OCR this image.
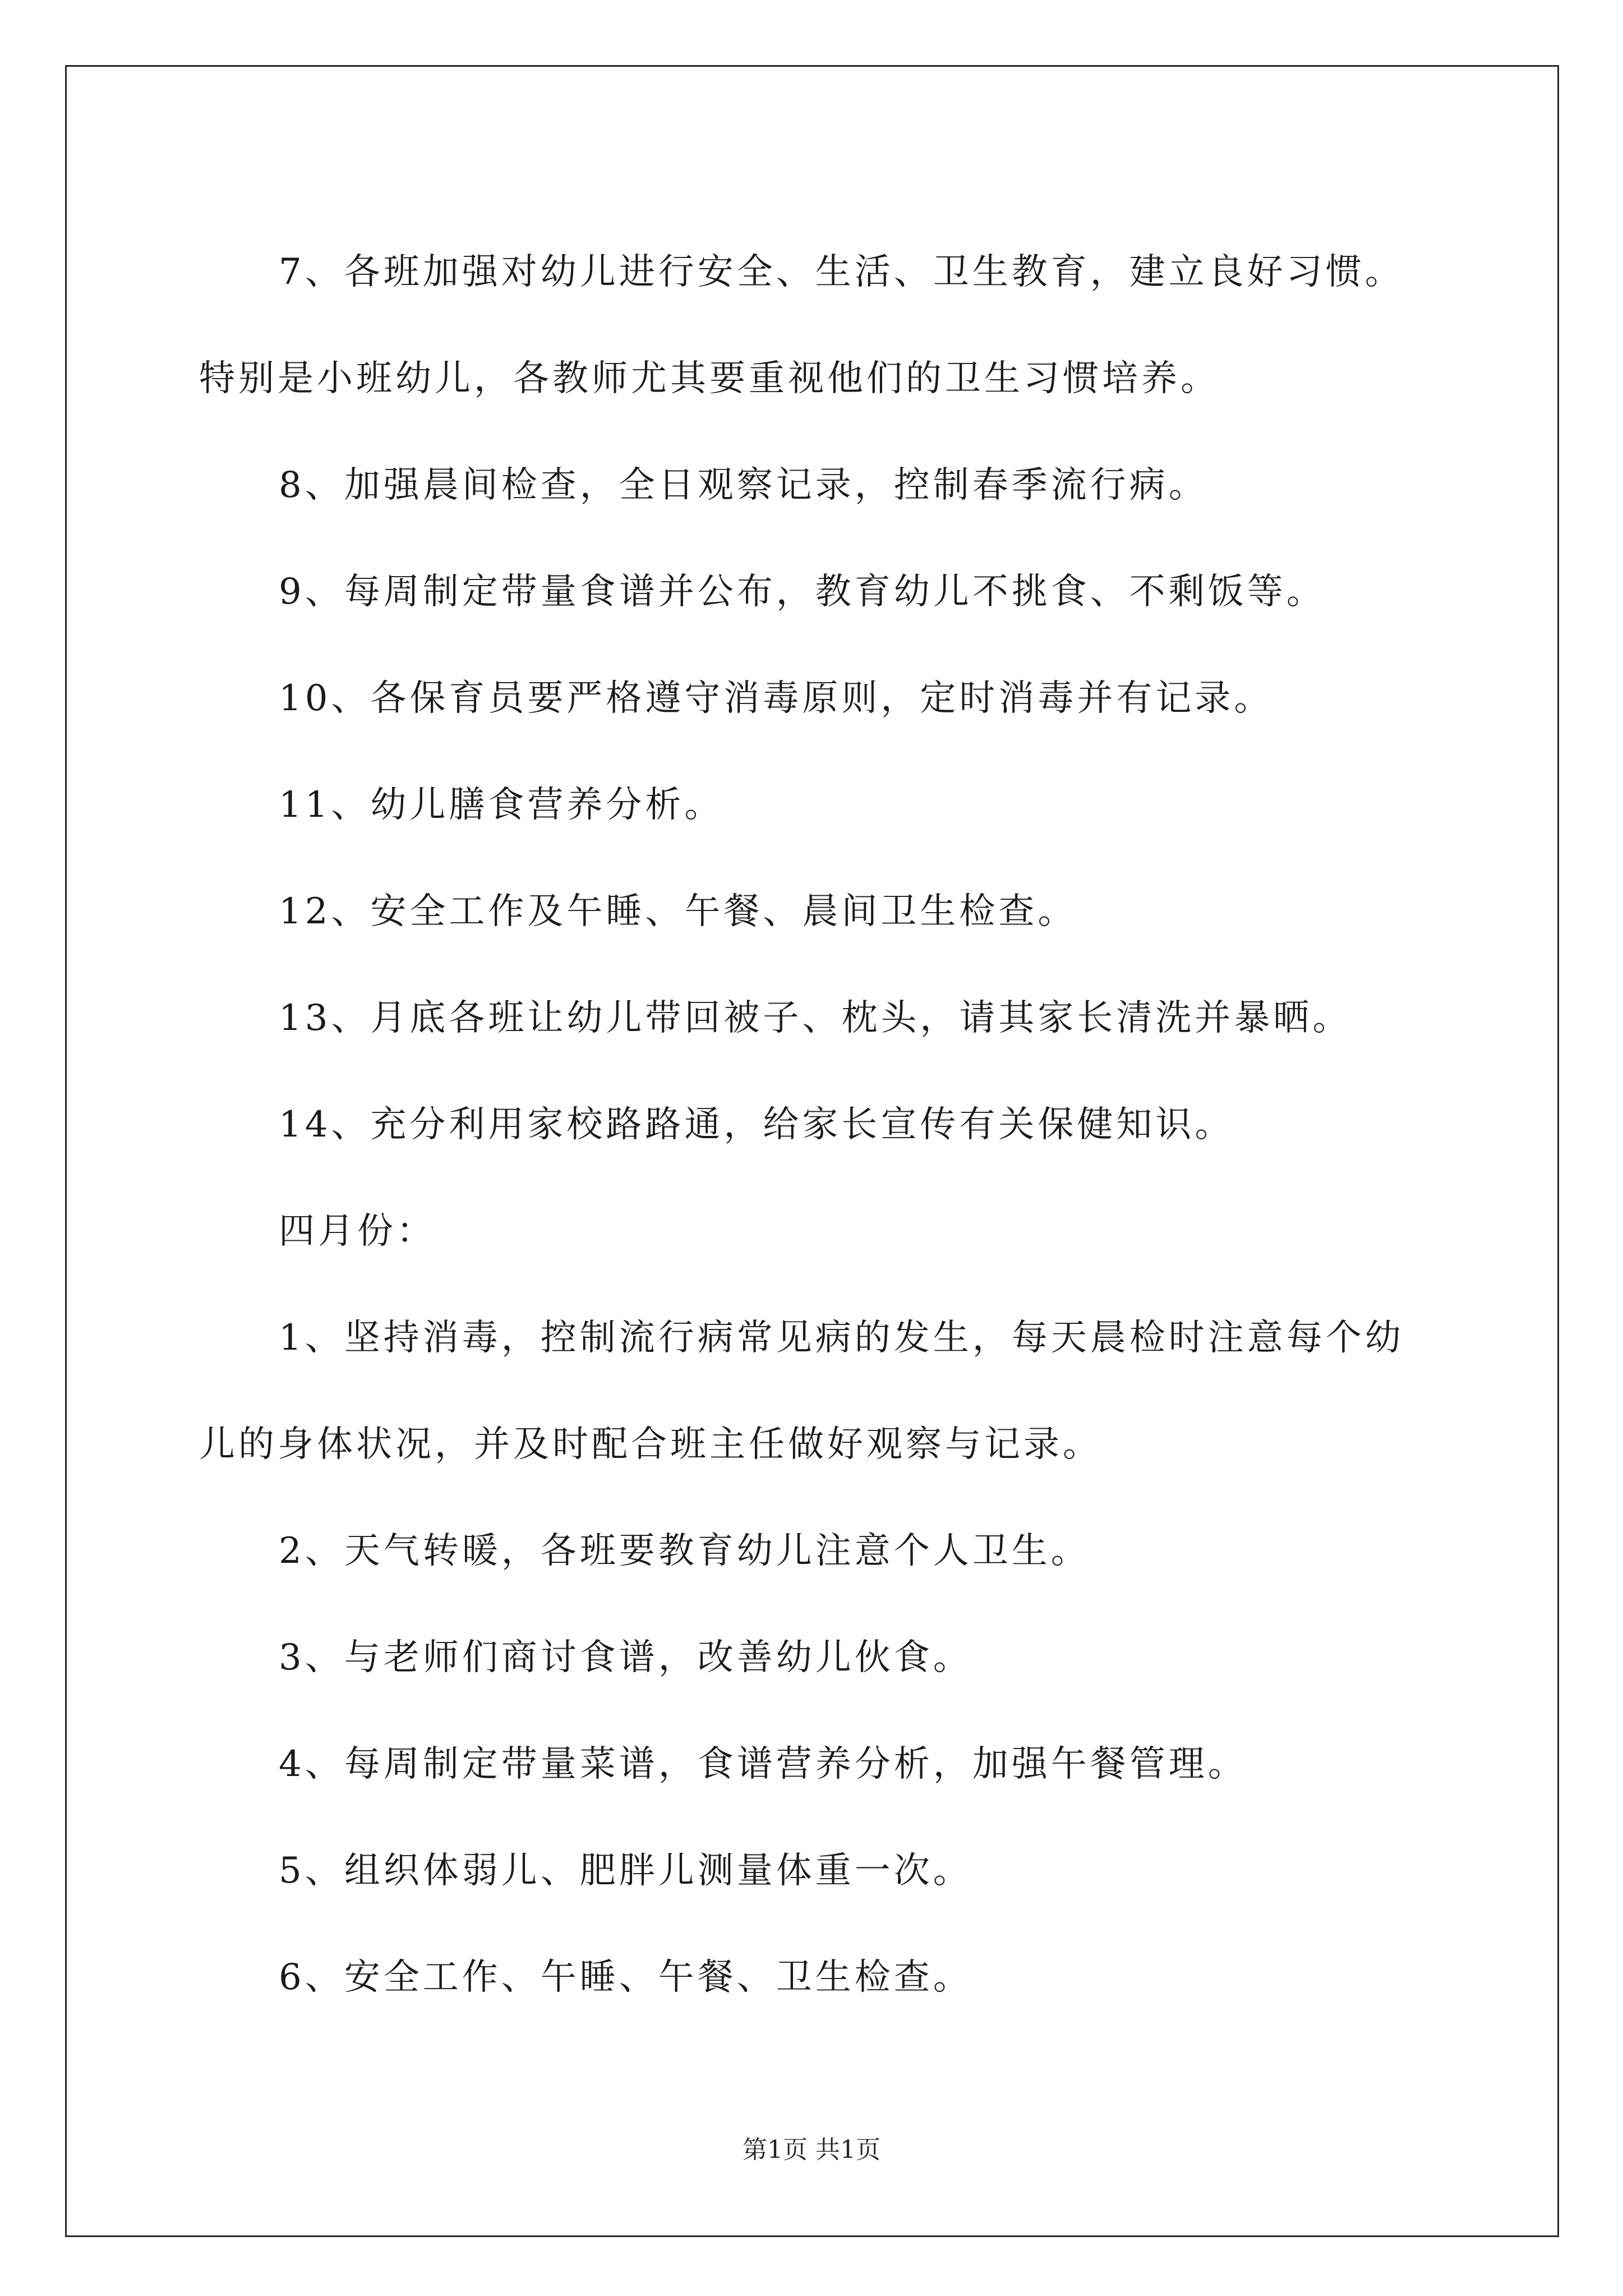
7、各班加强对幼儿进行安全、生活、卫生教育，建立良好习惯。

特别是小班幼儿，各教师尤其要重视他们的卫生习惯培养。

8、加强晨间检查，全日观察记录，控制春季流行病。

9、每周制定带量食谱并公布，教育幼儿不挑食、不剩饭等。

10、各保育员要严格遵守消毒原则，定时消毒并有记录。

11、幼儿膳食营养分析。

12、安全工作及午睡、午餐、晨间卫生检查。

13、月底各班让幼儿带回被子、枕头，请其家长清洗并暴晒。

14、充分利用家校路路通，给家长宣传有关保健知识。

四月份：

1、坚持消毒，控制流行病常见病的发生，每天晨检时注意每个幼

儿的身体状况，并及时配合班主任做好观察与记录。

2、天气转暖，各班要教育幼儿注意个人卫生。

3、与老师们商讨食谱，改善幼儿伙食。

4、每周制定带量菜谱，食谱营养分析，加强午餐管理。

5、组织体弱儿、肥胖儿测量体重一次。

6、安全工作、午睡、午餐、卫生检查。

第1页 共1页
